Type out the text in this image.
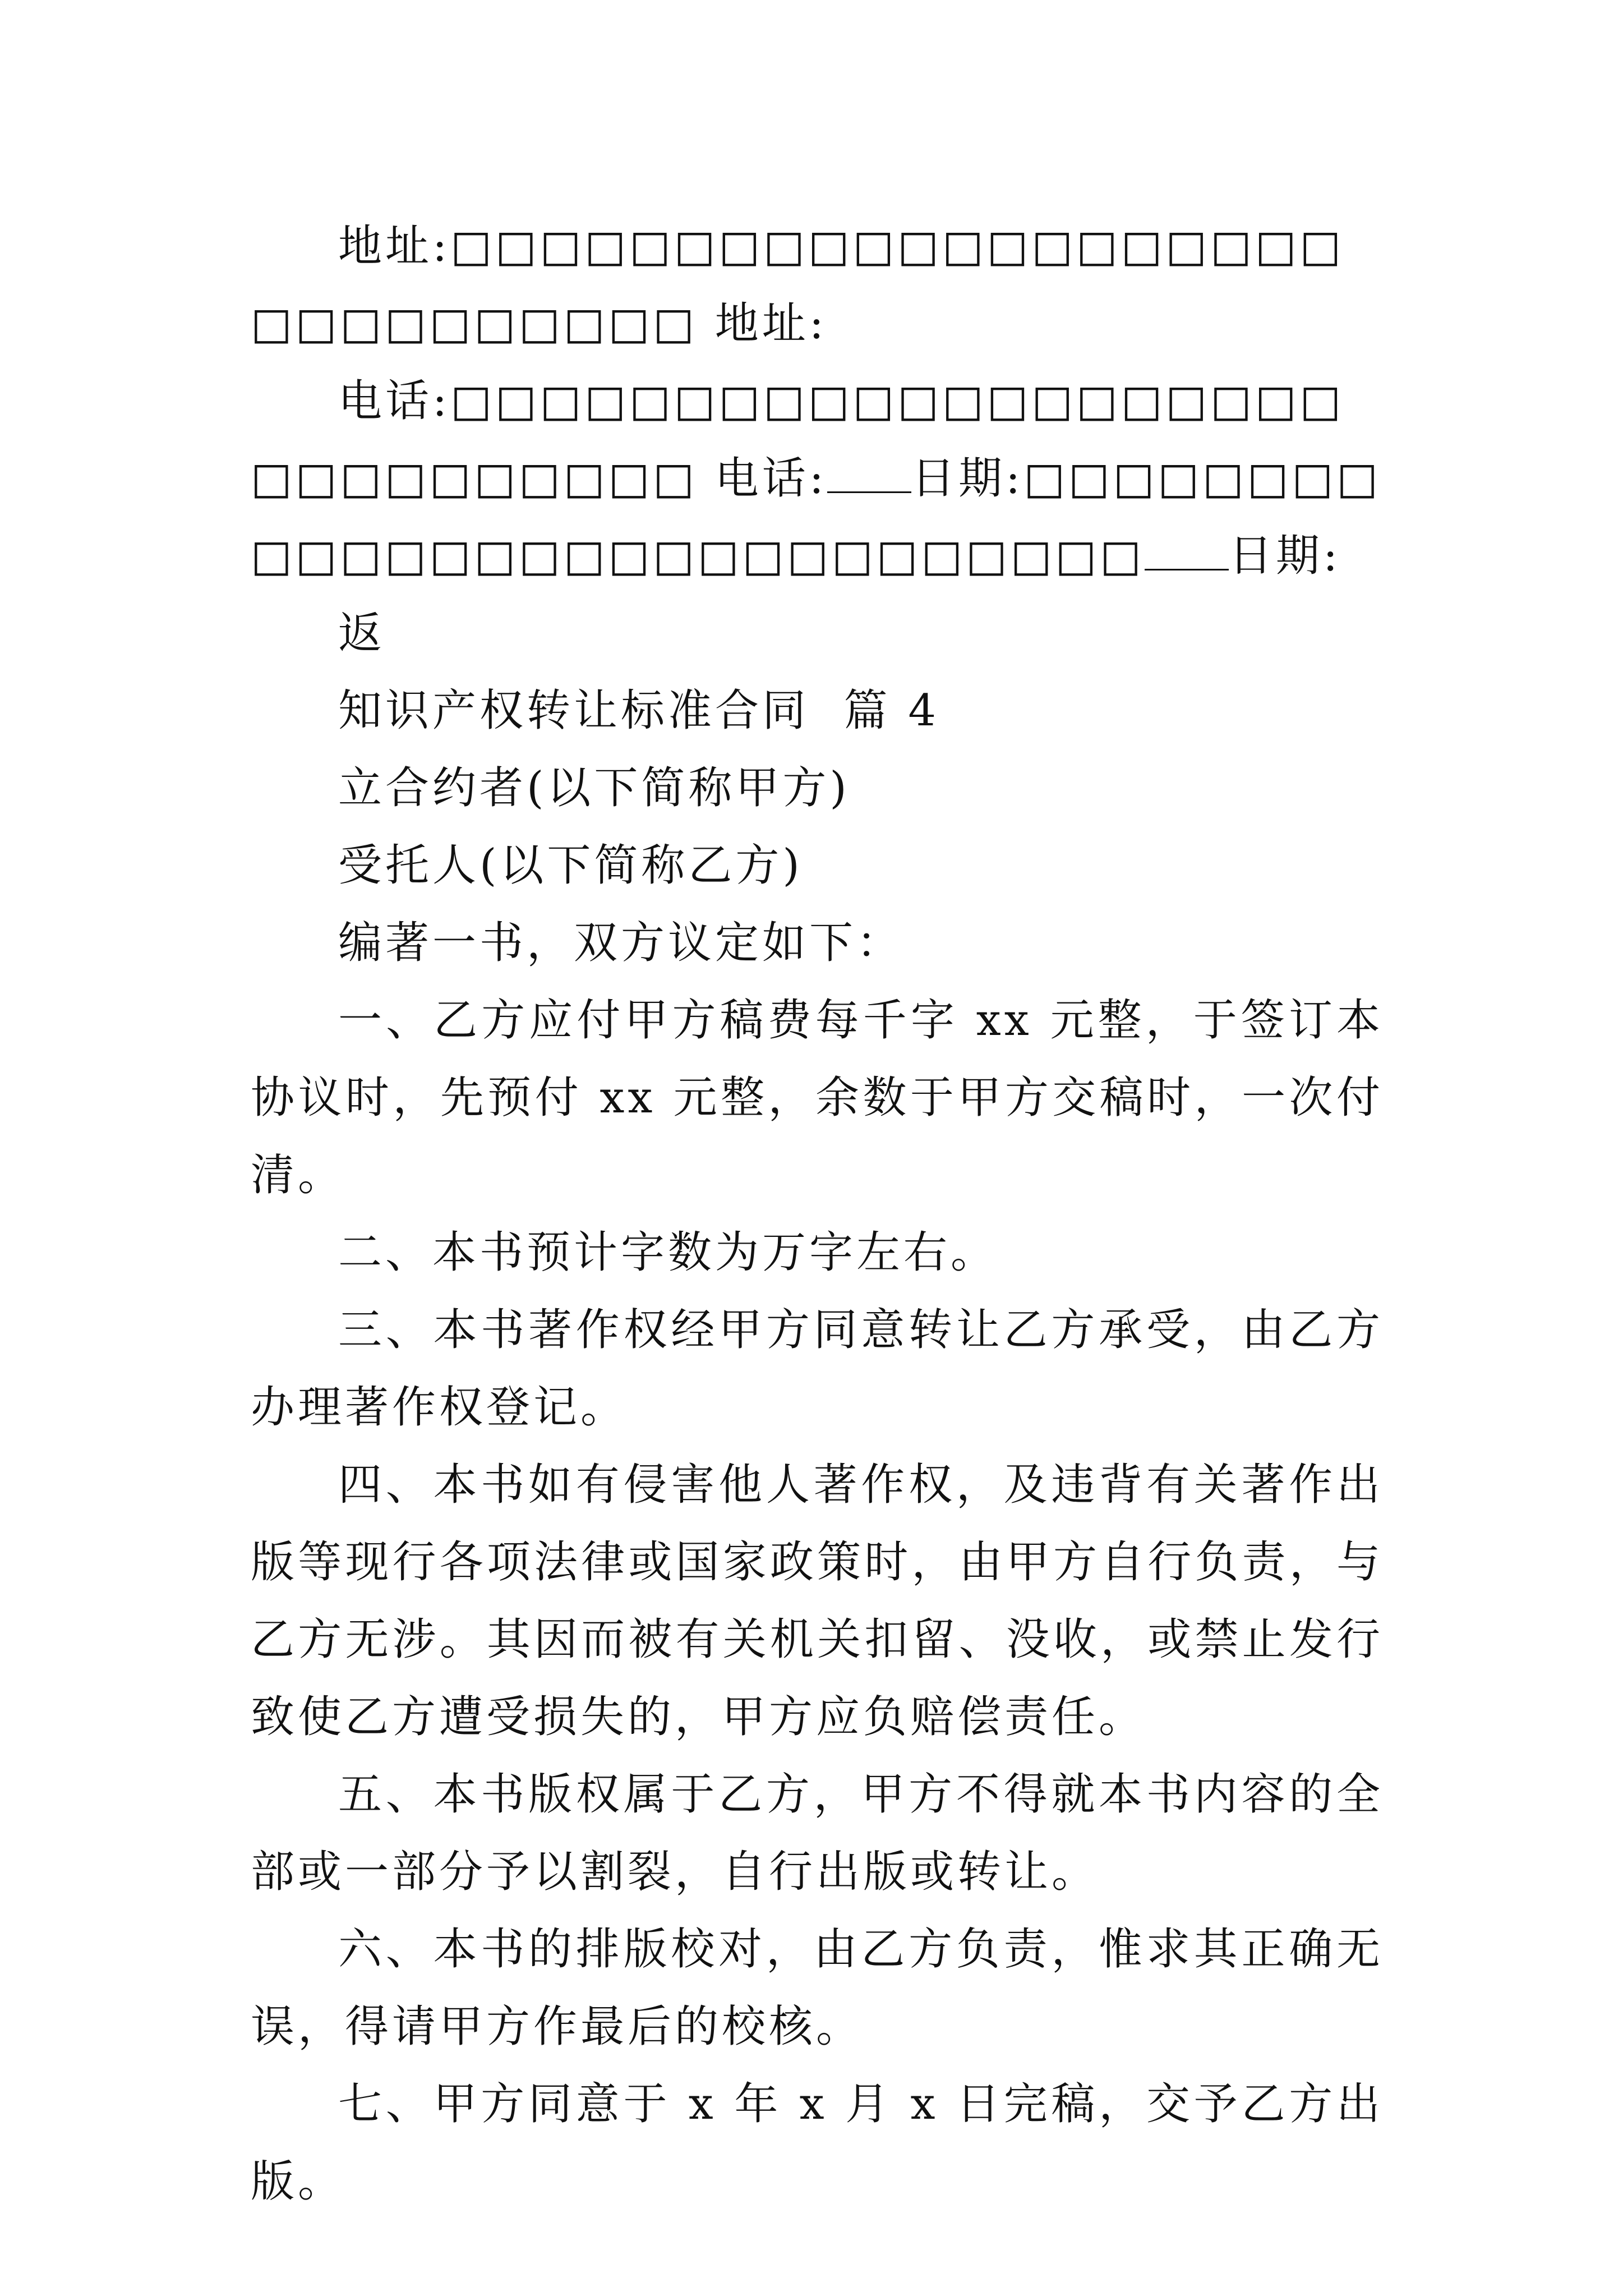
地址:□□□□□□□□□□□□□□□□□□□□□□□□□□□□□□ 地址:

电话:□□□□□□□□□□□□□□□□□□□□□□□□□□□□□□ 电话: 日期:□□□□□□□□□□□□□□□□□□□□□□□□□□□□ 日期:

返

知识产权转让标准合同  篇 4

立合约者(以下简称甲方)

受托人(以下简称乙方)

编著一书，双方议定如下：

一、乙方应付甲方稿费每千字 xx 元整，于签订本协议时，先预付 xx 元整，余数于甲方交稿时，一次付清。

二、本书预计字数为万字左右。

三、本书著作权经甲方同意转让乙方承受，由乙方办理著作权登记。

四、本书如有侵害他人著作权，及违背有关著作出版等现行各项法律或国家政策时，由甲方自行负责，与乙方无涉。其因而被有关机关扣留、没收，或禁止发行致使乙方遭受损失的，甲方应负赔偿责任。

五、本书版权属于乙方，甲方不得就本书内容的全部或一部分予以割裂，自行出版或转让。

六、本书的排版校对，由乙方负责，惟求其正确无误，得请甲方作最后的校核。

七、甲方同意于 x 年 x 月 x 日完稿，交予乙方出版。
